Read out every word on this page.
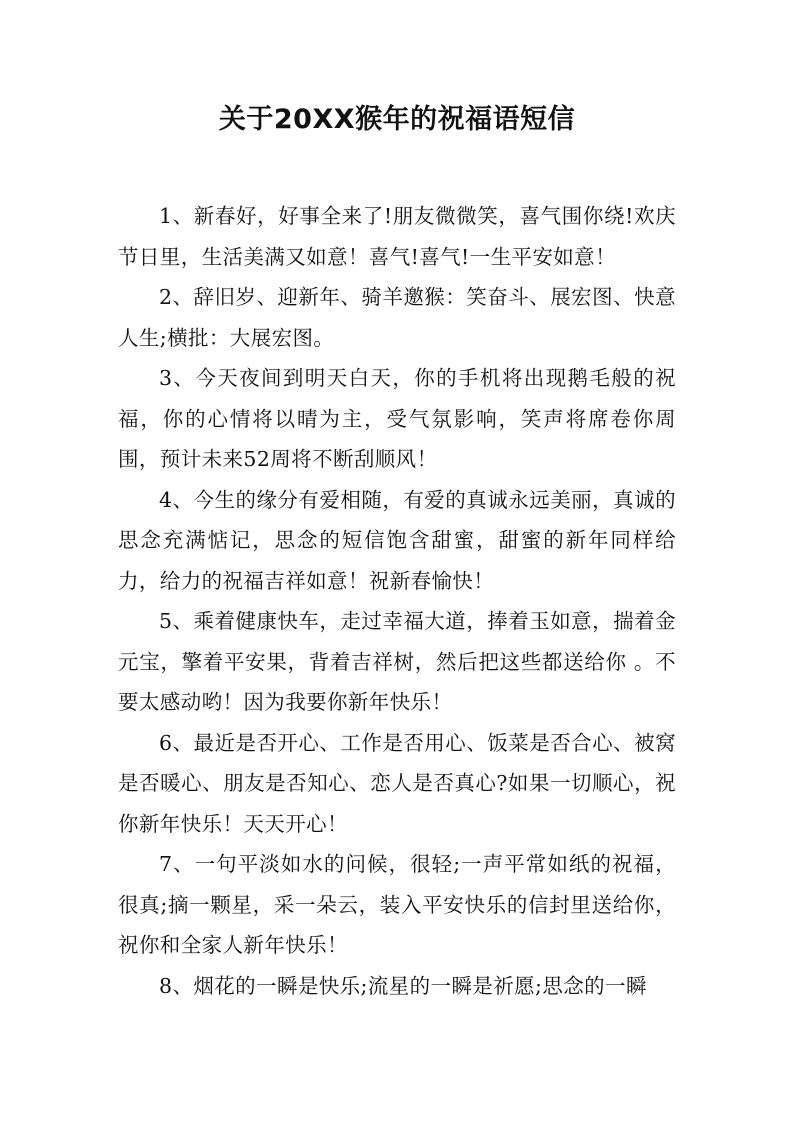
关于20XX猴年的祝福语短信

1、新春好，好事全来了!朋友微微笑，喜气围你绕!欢庆节日里，生活美满又如意！喜气!喜气!一生平安如意！

2、辞旧岁、迎新年、骑羊邀猴：笑奋斗、展宏图、快意人生;横批：大展宏图。

3、今天夜间到明天白天，你的手机将出现鹅毛般的祝福，你的心情将以晴为主，受气氛影响，笑声将席卷你周围，预计未来52周将不断刮顺风！

4、今生的缘分有爱相随，有爱的真诚永远美丽，真诚的思念充满惦记，思念的短信饱含甜蜜，甜蜜的新年同样给力，给力的祝福吉祥如意！祝新春愉快！

5、乘着健康快车，走过幸福大道，捧着玉如意，揣着金元宝，擎着平安果，背着吉祥树，然后把这些都送给你 。不要太感动哟！因为我要你新年快乐！

6、最近是否开心、工作是否用心、饭菜是否合心、被窝是否暖心、朋友是否知心、恋人是否真心?如果一切顺心，祝你新年快乐！天天开心！

7、一句平淡如水的问候，很轻;一声平常如纸的祝福，很真;摘一颗星，采一朵云，装入平安快乐的信封里送给你，祝你和全家人新年快乐！

8、烟花的一瞬是快乐;流星的一瞬是祈愿;思念的一瞬
